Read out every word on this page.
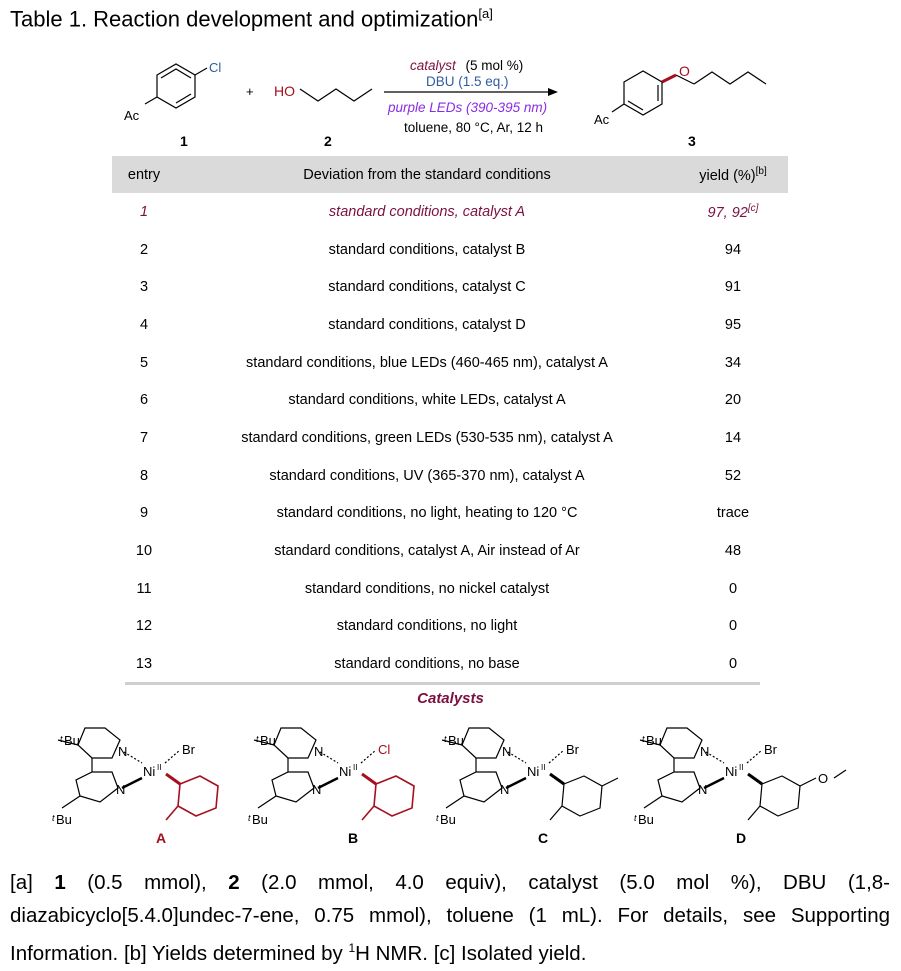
Table 1. Reaction development and optimization[a]
Cl
Ac
1
+ HO
2
catalyst (5 mol %)
DBU (1.5 eq.)
purple LEDs (390-395 nm)
toluene, 80 °C, Ar, 12 h
O
Ac
3
entry	Deviation from the standard conditions	yield (%)[b]
1	standard conditions, catalyst A	97, 92[c]
2	standard conditions, catalyst B	94
3	standard conditions, catalyst C	91
4	standard conditions, catalyst D	95
5	standard conditions, blue LEDs (460-465 nm), catalyst A	34
6	standard conditions, white LEDs, catalyst A	20
7	standard conditions, green LEDs (530-535 nm), catalyst A	14
8	standard conditions, UV (365-370 nm), catalyst A	52
9	standard conditions, no light, heating to 120 °C	trace
10	standard conditions, catalyst A, Air instead of Ar	48
11	standard conditions, no nickel catalyst	0
12	standard conditions, no light	0
13	standard conditions, no base	0
Catalysts
t Bu
t Bu
N
N
Ni II
Br
A
t Bu
t Bu
N
N
Ni II
Cl
B
t Bu
t Bu
N
N
Ni II
Br
C
t Bu
t Bu
N
N
Ni II
Br
O
D
[a] 1 (0.5 mmol), 2 (2.0 mmol, 4.0 equiv), catalyst (5.0 mol %), DBU (1,8-diazabicyclo[5.4.0]undec-7-ene, 0.75 mmol), toluene (1 mL). For details, see Supporting Information. [b] Yields determined by $^1$H NMR. [c] Isolated yield.
